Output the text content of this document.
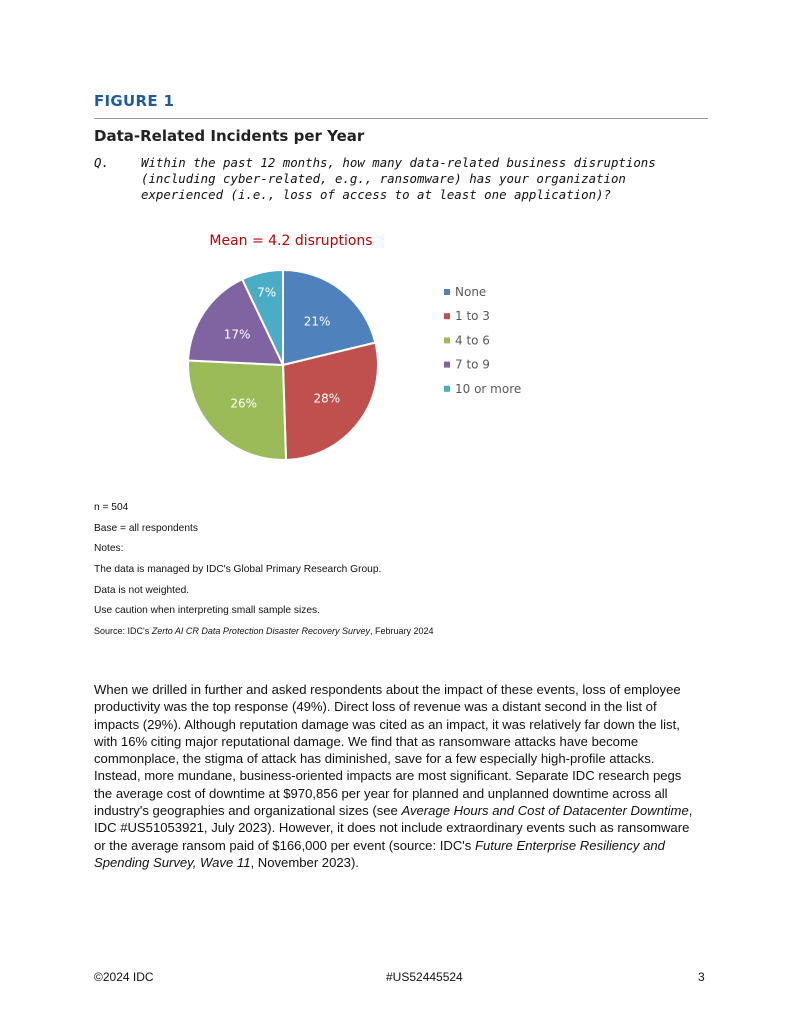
FIGURE 1
Data-Related Incidents per Year
Q.	Within the past 12 months, how many data-related business disruptions (including cyber-related, e.g., ransomware) has your organization experienced (i.e., loss of access to at least one application)?
Mean = 4.2 disruptions
21%
28%
26%
17%
7%	None
1 to 3
4 to 6
7 to 9
10 or more
n = 504
Base = all respondents
Notes:
The data is managed by IDC's Global Primary Research Group.
Data is not weighted.
Use caution when interpreting small sample sizes.
Source: IDC's Zerto AI CR Data Protection Disaster Recovery Survey, February 2024
When we drilled in further and asked respondents about the impact of these events, loss of employee productivity was the top response (49%). Direct loss of revenue was a distant second in the list of impacts (29%). Although reputation damage was cited as an impact, it was relatively far down the list, with 16% citing major reputational damage. We find that as ransomware attacks have become commonplace, the stigma of attack has diminished, save for a few especially high-profile attacks. Instead, more mundane, business-oriented impacts are most significant. Separate IDC research pegs the average cost of downtime at $970,856 per year for planned and unplanned downtime across all industry's geographies and organizational sizes (see Average Hours and Cost of Datacenter Downtime, IDC #US51053921, July 2023). However, it does not include extraordinary events such as ransomware or the average ransom paid of $166,000 per event (source: IDC's Future Enterprise Resiliency and Spending Survey, Wave 11, November 2023).
©2024 IDC	#US52445524	3
